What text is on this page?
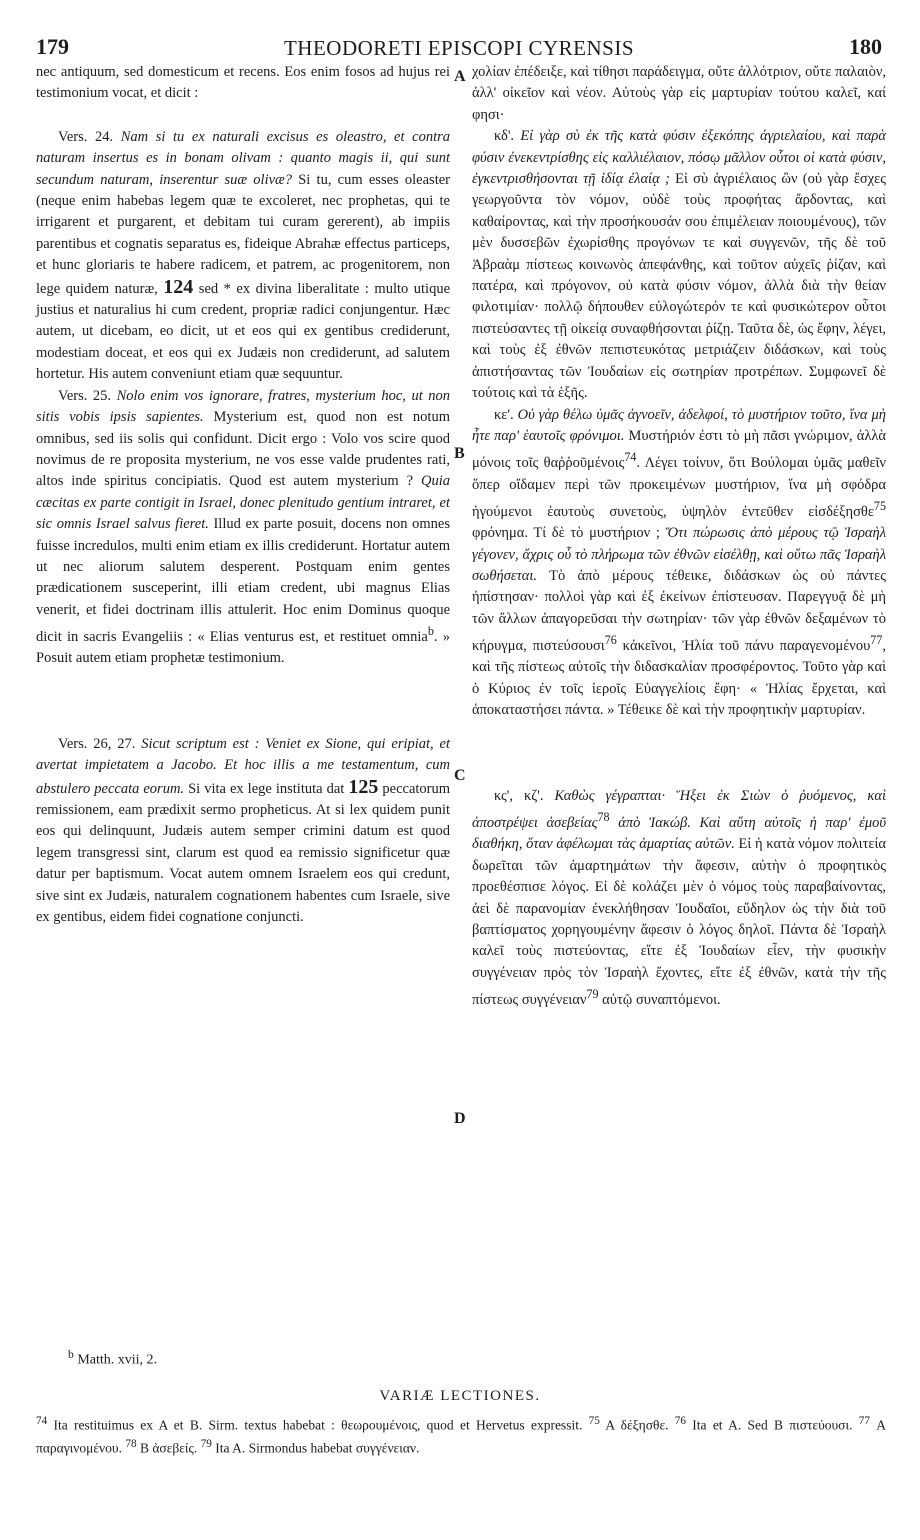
179	THEODORETI EPISCOPI CYRENSIS	180
A
B
C
D

nec antiquum, sed domesticum et recens. Eos enim fosos ad hujus rei testimonium vocat, et dicit :

Vers. 24. Nam si tu ex naturali excisus es oleastro, et contra naturam insertus es in bonam olivam : quanto magis ii, qui sunt secundum naturam, inserentur suæ olivæ? Si tu, cum esses oleaster (neque enim habebas legem quæ te excoleret, nec prophetas, qui te irrigarent et purgarent, et debitam tui curam gererent), ab impiis parentibus et cognatis separatus es, fideique Abrahæ effectus particeps, et hunc gloriaris te habere radicem, et patrem, ac progenitorem, non lege quidem naturæ, 124 sed * ex divina liberalitate : multo utique justius et naturalius hi cum credent, propriæ radici conjungentur. Hæc autem, ut dicebam, eo dicit, ut et eos qui ex gentibus crediderunt, modestiam doceat, et eos qui ex Judæis non crediderunt, ad salutem hortetur. His autem conveniunt etiam quæ sequuntur.

Vers. 25. Nolo enim vos ignorare, fratres, mysterium hoc, ut non sitis vobis ipsis sapientes. Mysterium est, quod non est notum omnibus, sed iis solis qui confidunt. Dicit ergo : Volo vos scire quod novimus de re proposita mysterium, ne vos esse valde prudentes rati, altos inde spiritus concipiatis. Quod est autem mysterium ? Quia cæcitas ex parte contigit in Israel, donec plenitudo gentium intraret, et sic omnis Israel salvus fieret. Illud ex parte posuit, docens non omnes fuisse incredulos, multi enim etiam ex illis crediderunt. Hortatur autem ut nec aliorum salutem desperent. Postquam enim gentes prædicationem susceperint, illi etiam credent, ubi magnus Elias venerit, et fidei doctrinam illis attulerit. Hoc enim Dominus quoque dicit in sacris Evangeliis : « Elias venturus est, et restituet omnia$^b$. » Posuit autem etiam prophetæ testimonium.

Vers. 26, 27. Sicut scriptum est : Veniet ex Sione, qui eripiat, et avertat impietatem a Jacobo. Et hoc illis a me testamentum, cum abstulero peccata eorum. Si vita ex lege instituta dat 125 peccatorum remissionem, eam prædixit sermo propheticus. At si lex quidem punit eos qui delinquunt, Judæis autem semper crimini datum est quod legem transgressi sint, clarum est quod ea remissio significetur quæ datur per baptismum. Vocat autem omnem Israelem eos qui credunt, sive sint ex Judæis, naturalem cognationem habentes cum Israele, sive ex gentibus, eidem fidei cognatione conjuncti.

χολίαν ἐπέδειξε, καὶ τίθησι παράδειγμα, οὔτε ἀλλότριον, οὔτε παλαιὸν, ἀλλ' οἰκεῖον καὶ νέον. Αὐτοὺς γὰρ εἰς μαρτυρίαν τούτου καλεῖ, καί φησι·

κδ'. Εἰ γὰρ σὺ ἐκ τῆς κατὰ φύσιν ἐξεκόπης ἀγριελαίου, καὶ παρὰ φύσιν ἐνεκεντρίσθης εἰς καλλιέλαιον, πόσῳ μᾶλλον οὗτοι οἱ κατὰ φύσιν, ἐγκεντρισθήσονται τῇ ἰδίᾳ ἐλαίᾳ ; Εἰ σὺ ἀγριέλαιος ὢν (οὐ γὰρ ἔσχες γεωργοῦντα τὸν νόμον, οὐδὲ τοὺς προφήτας ἄρδοντας, καὶ καθαίροντας, καὶ τὴν προσήκουσάν σου ἐπιμέλειαν ποιουμένους), τῶν μὲν δυσσεβῶν ἐχωρίσθης προγόνων τε καὶ συγγενῶν, τῆς δὲ τοῦ Ἀβραὰμ πίστεως κοινωνὸς ἀπεφάνθης, καὶ τοῦτον αὐχεῖς ῥίζαν, καὶ πατέρα, καὶ πρόγονον, οὐ κατὰ φύσιν νόμον, ἀλλὰ διὰ τὴν θείαν φιλοτιμίαν· πολλῷ δήπουθεν εὐλογώτερόν τε καὶ φυσικώτερον οὗτοι πιστεύσαντες τῇ οἰκείᾳ συναφθήσονται ῥίζῃ. Ταῦτα δὲ, ὡς ἔφην, λέγει, καὶ τοὺς ἐξ ἐθνῶν πεπιστευκότας μετριάζειν διδάσκων, καὶ τοὺς ἀπιστήσαντας τῶν Ἰουδαίων εἰς σωτηρίαν προτρέπων. Συμφωνεῖ δὲ τούτοις καὶ τὰ ἑξῆς.

κε'. Οὐ γὰρ θέλω ὑμᾶς ἀγνοεῖν, ἀδελφοί, τὸ μυστήριον τοῦτο, ἵνα μὴ ἦτε παρ' ἑαυτοῖς φρόνιμοι. Μυστήριόν ἐστι τὸ μὴ πᾶσι γνώριμον, ἀλλὰ μόνοις τοῖς θαῤῥοῦμένοις$^{74}$. Λέγει τοίνυν, ὅτι Βούλομαι ὑμᾶς μαθεῖν ὅπερ οἴδαμεν περὶ τῶν προκειμένων μυστήριον, ἵνα μὴ σφόδρα ἡγούμενοι ἑαυτοὺς συνετοὺς, ὑψηλὸν ἐντεῦθεν εἰσδέξησθε$^{75}$ φρόνημα. Τί δὲ τὸ μυστήριον ; Ὅτι πώρωσις ἀπὸ μέρους τῷ Ἰσραὴλ γέγονεν, ἄχρις οὗ τὸ πλήρωμα τῶν ἐθνῶν εἰσέλθῃ, καὶ οὕτω πᾶς Ἰσραὴλ σωθήσεται. Τὸ ἀπὸ μέρους τέθεικε, διδάσκων ὡς οὐ πάντες ἠπίστησαν· πολλοὶ γὰρ καὶ ἐξ ἐκείνων ἐπίστευσαν. Παρεγγυᾷ δὲ μὴ τῶν ἄλλων ἀπαγορεῦσαι τὴν σωτηρίαν· τῶν γὰρ ἐθνῶν δεξαμένων τὸ κήρυγμα, πιστεύσουσι$^{76}$ κἀκεῖνοι, Ἠλία τοῦ πάνυ παραγενομένου$^{77}$, καὶ τῆς πίστεως αὐτοῖς τὴν διδασκαλίαν προσφέροντος. Τοῦτο γὰρ καὶ ὁ Κύριος ἐν τοῖς ἱεροῖς Εὐαγγελίοις ἔφη· « Ἠλίας ἔρχεται, καὶ ἀποκαταστήσει πάντα. » Τέθεικε δὲ καὶ τὴν προφητικὴν μαρτυρίαν.

κς', κζ'. Καθὼς γέγραπται· Ἥξει ἐκ Σιὼν ὁ ῥυόμενος, καὶ ἀποστρέψει ἀσεβείας$^{78}$ ἀπὸ Ἰακώβ. Καὶ αὕτη αὐτοῖς ἡ παρ' ἐμοῦ διαθήκη, ὅταν ἀφέλωμαι τὰς ἁμαρτίας αὐτῶν. Εἰ ἡ κατὰ νόμον πολιτεία δωρεῖται τῶν ἁμαρτημάτων τὴν ἄφεσιν, αὐτὴν ὁ προφητικὸς προεθέσπισε λόγος. Εἰ δὲ κολάζει μὲν ὁ νόμος τοὺς παραβαίνοντας, ἀεὶ δὲ παρανομίαν ἐνεκλήθησαν Ἰουδαῖοι, εὔδηλον ὡς τὴν διὰ τοῦ βαπτίσματος χορηγουμένην ἄφεσιν ὁ λόγος δηλοῖ. Πάντα δὲ Ἰσραὴλ καλεῖ τοὺς πιστεύοντας, εἴτε ἐξ Ἰουδαίων εἶεν, τὴν φυσικὴν συγγένειαν πρὸς τὸν Ἰσραὴλ ἔχοντες, εἴτε ἐξ ἐθνῶν, κατὰ τὴν τῆς πίστεως συγγένειαν$^{79}$ αὐτῷ συναπτόμενοι.

$^b$ Matth. xvii, 2.
VARIÆ LECTIONES.
$^{74}$ Ita restituimus ex A et B. Sirm. textus habebat : θεωρουμένοις, quod et Hervetus expressit. $^{75}$ A δέξησθε. $^{76}$ Ita et A. Sed B πιστεύουσι. $^{77}$ A παραγινομένου. $^{78}$ B ἀσεβείς. $^{79}$ Ita A. Sirmondus habebat συγγένειαν.
